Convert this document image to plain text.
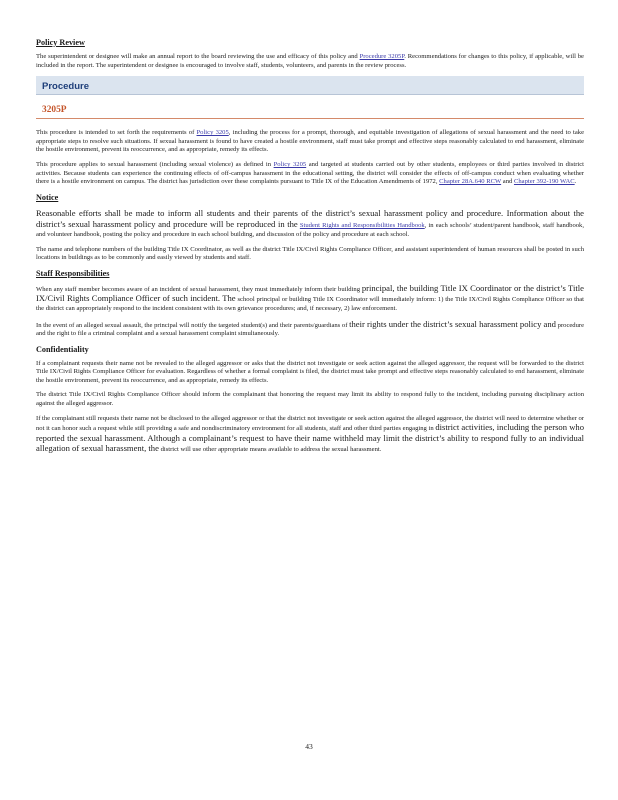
Policy Review

The superintendent or designee will make an annual report to the board reviewing the use and efficacy of this policy and Procedure 3205P. Recommendations for changes to this policy, if applicable, will be included in the report. The superintendent or designee is encouraged to involve staff, students, volunteers, and parents in the review process.

Procedure
3205P

This procedure is intended to set forth the requirements of Policy 3205, including the process for a prompt, thorough, and equitable investigation of allegations of sexual harassment and the need to take appropriate steps to resolve such situations. If sexual harassment is found to have created a hostile environment, staff must take prompt and effective steps reasonably calculated to end harassment, eliminate the hostile environment, prevent its reoccurrence, and as appropriate, remedy its effects.

This procedure applies to sexual harassment (including sexual violence) as defined in Policy 3205 and targeted at students carried out by other students, employees or third parties involved in district activities. Because students can experience the continuing effects of off-campus harassment in the educational setting, the district will consider the effects of off-campus conduct when evaluating whether there is a hostile environment on campus. The district has jurisdiction over these complaints pursuant to Title IX of the Education Amendments of 1972, Chapter 28A.640 RCW and Chapter 392-190 WAC.

Notice

Reasonable efforts shall be made to inform all students and their parents of the district’s sexual harassment policy and procedure. Information about the district’s sexual harassment policy and procedure will be reproduced in the Student Rights and Responsibilities Handbook, in each schools’ student/parent handbook, staff handbook, and volunteer handbook, posting the policy and procedure in each school building, and discussion of the policy and procedure at each school.

The name and telephone numbers of the building Title IX Coordinator, as well as the district Title IX/Civil Rights Compliance Officer, and assistant superintendent of human resources shall be posted in such locations in buildings as to be commonly and easily viewed by students and staff.

Staff Responsibilities

When any staff member becomes aware of an incident of sexual harassment, they must immediately inform their building principal, the building Title IX Coordinator or the district’s Title IX/Civil Rights Compliance Officer of such incident. The school principal or building Title IX Coordinator will immediately inform: 1) the Title IX/Civil Rights Compliance Officer so that the district can appropriately respond to the incident consistent with its own grievance procedures; and, if necessary, 2) law enforcement.

In the event of an alleged sexual assault, the principal will notify the targeted student(s) and their parents/guardians of their rights under the district’s sexual harassment policy and procedure and the right to file a criminal complaint and a sexual harassment complaint simultaneously.

Confidentiality

If a complainant requests their name not be revealed to the alleged aggressor or asks that the district not investigate or seek action against the alleged aggressor, the request will be forwarded to the district Title IX/Civil Rights Compliance Officer for evaluation. Regardless of whether a formal complaint is filed, the district must take prompt and effective steps reasonably calculated to end harassment, eliminate the hostile environment, prevent its reoccurrence, and as appropriate, remedy its effects.

The district Title IX/Civil Rights Compliance Officer should inform the complainant that honoring the request may limit its ability to respond fully to the incident, including pursuing disciplinary action against the alleged aggressor.

If the complainant still requests their name not be disclosed to the alleged aggressor or that the district not investigate or seek action against the alleged aggressor, the district will need to determine whether or not it can honor such a request while still providing a safe and nondiscriminatory environment for all students, staff and other third parties engaging in district activities, including the person who reported the sexual harassment. Although a complainant’s request to have their name withheld may limit the district’s ability to respond fully to an individual allegation of sexual harassment, the district will use other appropriate means available to address the sexual harassment.

43
